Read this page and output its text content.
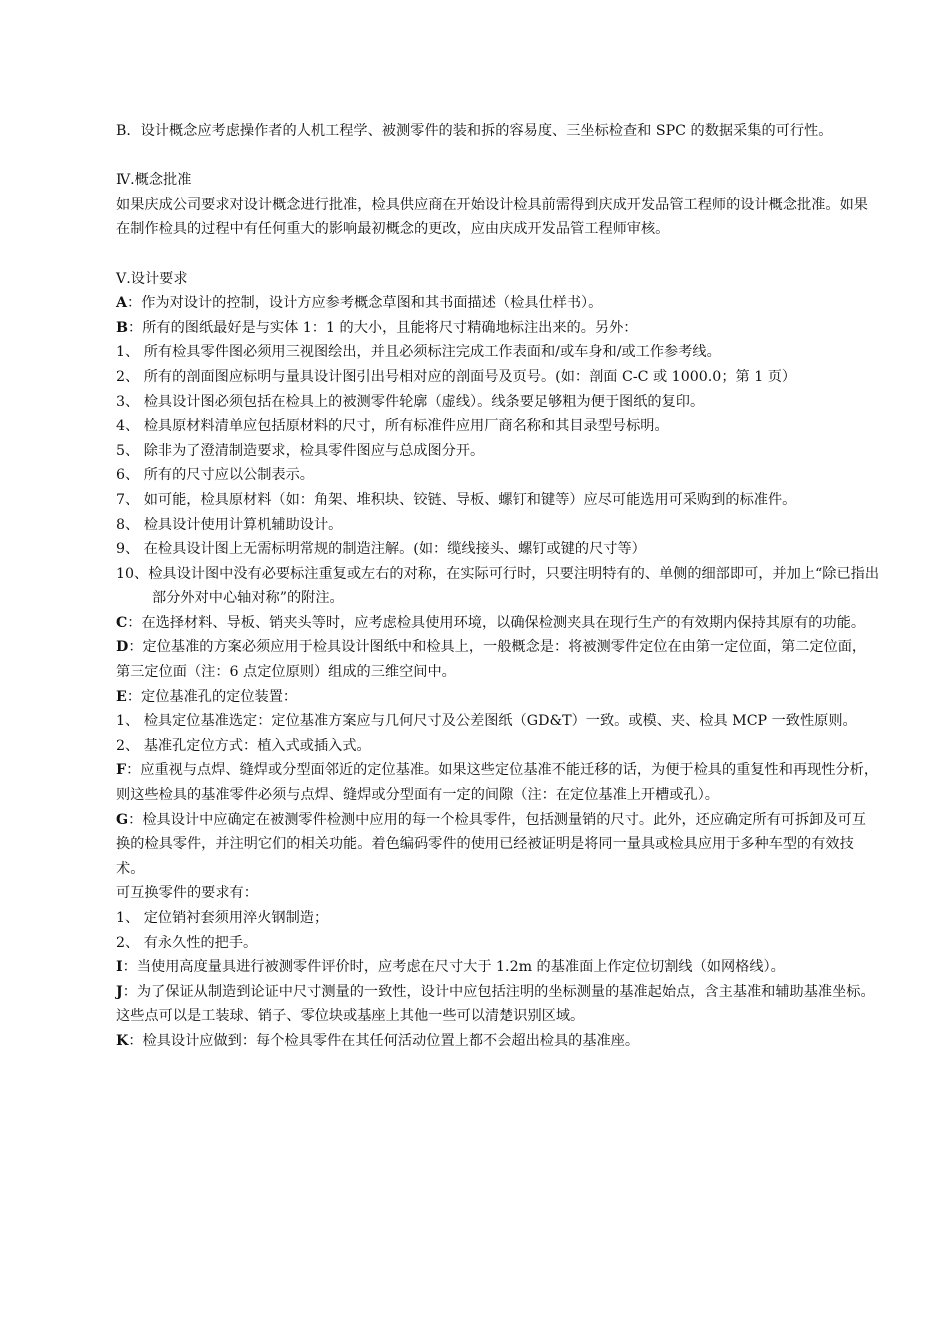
B．设计概念应考虑操作者的人机工程学、被测零件的装和拆的容易度、三坐标检查和 SPC 的数据采集的可行性。

Ⅳ.概念批准

如果庆成公司要求对设计概念进行批准，检具供应商在开始设计检具前需得到庆成开发品管工程师的设计概念批准。如果在制作检具的过程中有任何重大的影响最初概念的更改，应由庆成开发品管工程师审核。

Ⅴ.设计要求

A：作为对设计的控制，设计方应参考概念草图和其书面描述（检具仕样书）。

B：所有的图纸最好是与实体 1：1 的大小，且能将尺寸精确地标注出来的。另外：

1、 所有检具零件图必须用三视图绘出，并且必须标注完成工作表面和/或车身和/或工作参考线。

2、 所有的剖面图应标明与量具设计图引出号相对应的剖面号及页号。(如：剖面 C-C 或 1000.0；第 1 页）

3、 检具设计图必须包括在检具上的被测零件轮廓（虚线）。线条要足够粗为便于图纸的复印。

4、 检具原材料清单应包括原材料的尺寸，所有标准件应用厂商名称和其目录型号标明。

5、 除非为了澄清制造要求，检具零件图应与总成图分开。

6、 所有的尺寸应以公制表示。

7、 如可能，检具原材料（如：角架、堆积块、铰链、导板、螺钉和键等）应尽可能选用可采购到的标准件。

8、 检具设计使用计算机辅助设计。

9、 在检具设计图上无需标明常规的制造注解。(如：缆线接头、螺钉或键的尺寸等）

10、检具设计图中没有必要标注重复或左右的对称，在实际可行时，只要注明特有的、单侧的细部即可，并加上“除已指出部分外对中心轴对称”的附注。

C：在选择材料、导板、销夹头等时，应考虑检具使用环境，以确保检测夹具在现行生产的有效期内保持其原有的功能。

D：定位基准的方案必须应用于检具设计图纸中和检具上，一般概念是：将被测零件定位在由第一定位面，第二定位面，第三定位面（注：6 点定位原则）组成的三维空间中。

E：定位基准孔的定位装置：

1、 检具定位基准选定：定位基准方案应与几何尺寸及公差图纸（GD&T）一致。或模、夹、检具 MCP 一致性原则。

2、 基准孔定位方式：植入式或插入式。

F：应重视与点焊、缝焊或分型面邻近的定位基准。如果这些定位基准不能迁移的话，为便于检具的重复性和再现性分析，则这些检具的基准零件必须与点焊、缝焊或分型面有一定的间隙（注：在定位基准上开槽或孔）。

G：检具设计中应确定在被测零件检测中应用的每一个检具零件，包括测量销的尺寸。此外，还应确定所有可拆卸及可互换的检具零件，并注明它们的相关功能。着色编码零件的使用已经被证明是将同一量具或检具应用于多种车型的有效技术。

可互换零件的要求有：

1、 定位销衬套须用淬火钢制造；

2、 有永久性的把手。

I：当使用高度量具进行被测零件评价时，应考虑在尺寸大于 1.2m 的基准面上作定位切割线（如网格线）。

J：为了保证从制造到论证中尺寸测量的一致性，设计中应包括注明的坐标测量的基准起始点，含主基准和辅助基准坐标。这些点可以是工装球、销子、零位块或基座上其他一些可以清楚识别区域。

K：检具设计应做到：每个检具零件在其任何活动位置上都不会超出检具的基准座。
